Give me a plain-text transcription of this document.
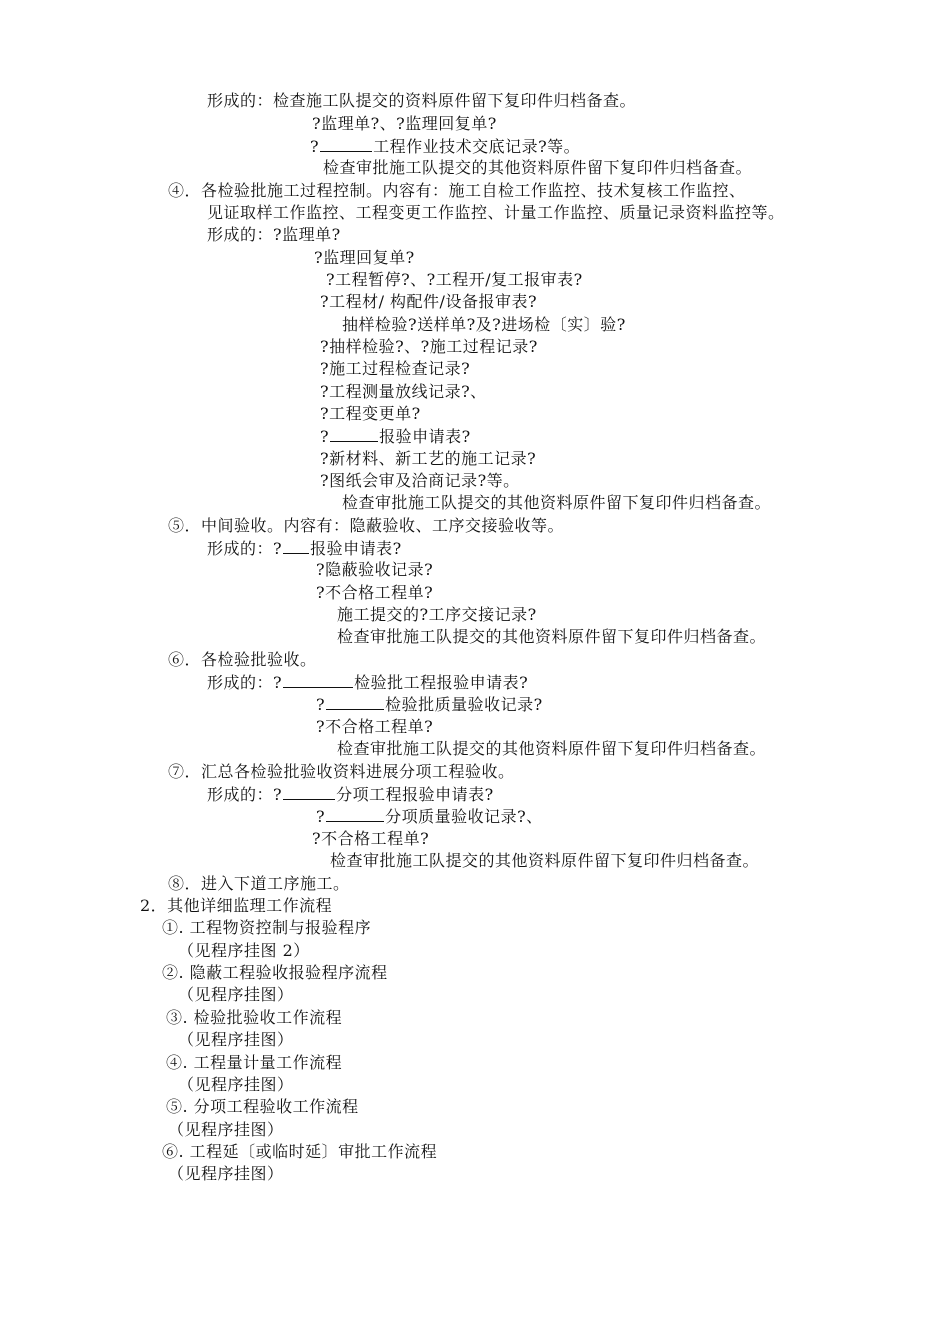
形成的：检查施工队提交的资料原件留下复印件归档备查。
?监理单?、?监理回复单?
?	工程作业技术交底记录?等。
检查审批施工队提交的其他资料原件留下复印件归档备查。
④．各检验批施工过程控制。内容有：施工自检工作监控、技术复核工作监控、
见证取样工作监控、工程变更工作监控、计量工作监控、质量记录资料监控等。
形成的：?监理单?
?监理回复单?
?工程暂停?、?工程开/复工报审表?
?工程材/ 构配件/设备报审表?
抽样检验?送样单?及?进场检〔实〕验?
?抽样检验?、?施工过程记录?
?施工过程检查记录?
?工程测量放线记录?、
?工程变更单?
?	报验申请表?
?新材料、新工艺的施工记录?
?图纸会审及洽商记录?等。
检查审批施工队提交的其他资料原件留下复印件归档备查。
⑤．中间验收。内容有：隐蔽验收、工序交接验收等。
形成的：? 报验申请表?
?隐蔽验收记录?
?不合格工程单?
施工提交的?工序交接记录?
检查审批施工队提交的其他资料原件留下复印件归档备查。
⑥．各检验批验收。
形成的：?	检验批工程报验申请表?
?	检验批质量验收记录?
?不合格工程单?
检查审批施工队提交的其他资料原件留下复印件归档备查。
⑦．汇总各检验批验收资料进展分项工程验收。
形成的：?	分项工程报验申请表?
?	分项质量验收记录?、
?不合格工程单?
检查审批施工队提交的其他资料原件留下复印件归档备查。
⑧．进入下道工序施工。
2．其他详细监理工作流程
①. 工程物资控制与报验程序
（见程序挂图 2）
②. 隐蔽工程验收报验程序流程
（见程序挂图）
③. 检验批验收工作流程
（见程序挂图）
④. 工程量计量工作流程
（见程序挂图）
⑤. 分项工程验收工作流程
（见程序挂图）
⑥. 工程延〔或临时延〕审批工作流程
（见程序挂图）
